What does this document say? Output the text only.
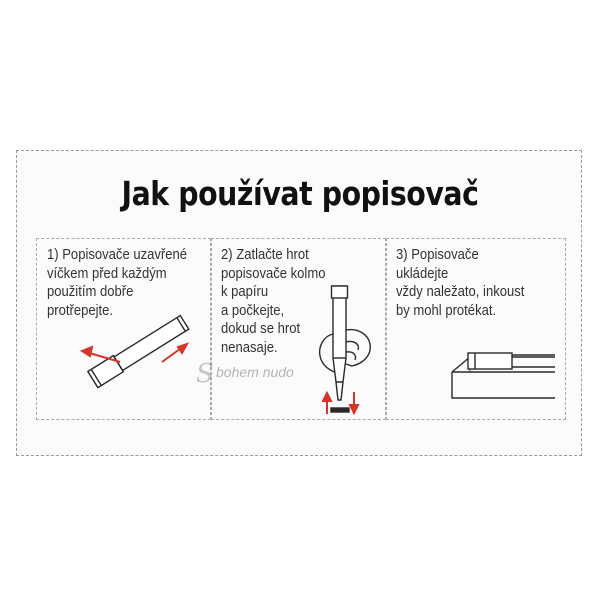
Jak používat popisovač
1) Popisovače uzavřené
víčkem před každým
použitím dobře
protřepejte.
2) Zatlačte hrot
popisovače kolmo
k papíru
a počkejte,
dokud se hrot
nenasaje.
3) Popisovače
ukládejte
vždy naležato, inkoust
by mohl protékat.
S bohem nudo
